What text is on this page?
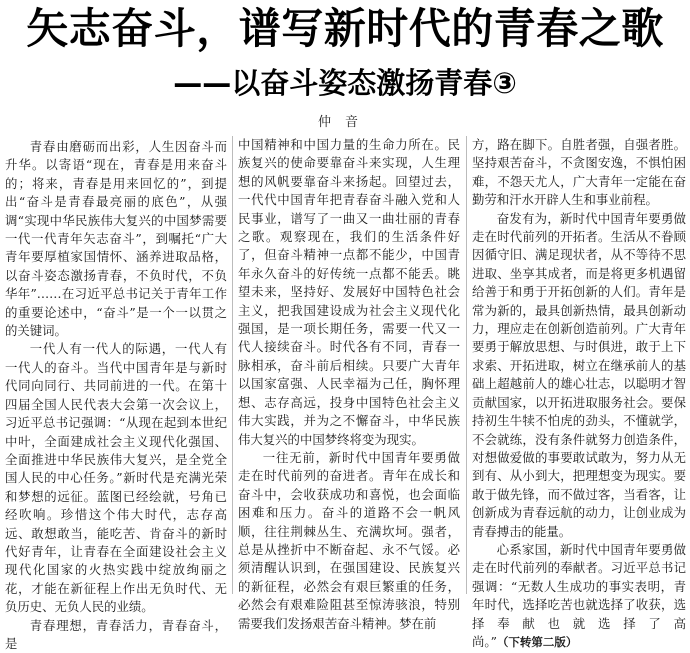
矢志奋斗，谱写新时代的青春之歌
——以奋斗姿态激扬青春③
仲音

青春由磨砺而出彩，人生因奋斗而升华。以寄语“现在，青春是用来奋斗的；将来，青春是用来回忆的”，到提出“奋斗是青春最亮丽的底色”，从强调“实现中华民族伟大复兴的中国梦需要一代一代青年矢志奋斗”，到嘱托“广大青年要厚植家国情怀、涵养进取品格，以奋斗姿态激扬青春，不负时代，不负华年”……在习近平总书记关于青年工作的重要论述中，“奋斗”是一个一以贯之的关键词。

一代人有一代人的际遇，一代人有一代人的奋斗。当代中国青年是与新时代同向同行、共同前进的一代。在第十四届全国人民代表大会第一次会议上，习近平总书记强调：“从现在起到本世纪中叶，全面建成社会主义现代化强国、全面推进中华民族伟大复兴，是全党全国人民的中心任务。”新时代是充满光荣和梦想的远征。蓝图已经绘就，号角已经吹响。珍惜这个伟大时代，志存高远、敢想敢当，能吃苦、肯奋斗的新时代好青年，让青春在全面建设社会主义现代化国家的火热实践中绽放绚丽之花，才能在新征程上作出无负时代、无负历史、无负人民的业绩。

青春理想，青春活力，青春奋斗，是

中国精神和中国力量的生命力所在。民族复兴的使命要靠奋斗来实现，人生理想的风帆要靠奋斗来扬起。回望过去，一代代中国青年把青春奋斗融入党和人民事业，谱写了一曲又一曲壮丽的青春之歌。观察现在，我们的生活条件好了，但奋斗精神一点都不能少，中国青年永久奋斗的好传统一点都不能丢。眺望未来，坚持好、发展好中国特色社会主义，把我国建设成为社会主义现代化强国，是一项长期任务，需要一代又一代人接续奋斗。时代各有不同，青春一脉相承，奋斗前后相续。只要广大青年以国家富强、人民幸福为己任，胸怀理想、志存高远，投身中国特色社会主义伟大实践，并为之不懈奋斗，中华民族伟大复兴的中国梦终将变为现实。

一往无前，新时代中国青年要勇做走在时代前列的奋进者。青年在成长和奋斗中，会收获成功和喜悦，也会面临困难和压力。奋斗的道路不会一帆风顺，往往荆棘丛生、充满坎坷。强者，总是从挫折中不断奋起、永不气馁。必须清醒认识到，在强国建设、民族复兴的新征程，必然会有艰巨繁重的任务，必然会有艰难险阻甚至惊涛骇浪，特别需要我们发扬艰苦奋斗精神。梦在前

方，路在脚下。自胜者强，自强者胜。坚持艰苦奋斗，不贪图安逸，不惧怕困难，不怨天尤人，广大青年一定能在奋勤劳和汗水开辟人生和事业前程。

奋发有为，新时代中国青年要勇做走在时代前列的开拓者。生活从不眷顾因循守旧、满足现状者，从不等待不思进取、坐享其成者，而是将更多机遇留给善于和勇于开拓创新的人们。青年是常为新的，最具创新热情，最具创新动力，理应走在创新创造前列。广大青年要勇于解放思想、与时俱进，敢于上下求索、开拓进取，树立在继承前人的基础上超越前人的雄心壮志，以聪明才智贡献国家，以开拓进取服务社会。要保持初生牛犊不怕虎的劲头，不懂就学，不会就练，没有条件就努力创造条件，对想做爱做的事要敢试敢为，努力从无到有、从小到大，把理想变为现实。要敢于做先锋，而不做过客，当看客，让创新成为青春远航的动力，让创业成为青春搏击的能量。

心系家国，新时代中国青年要勇做走在时代前列的奉献者。习近平总书记强调：“无数人生成功的事实表明，青年时代，选择吃苦也就选择了收获，选择奉献也就选择了高尚。”（下转第二版）
